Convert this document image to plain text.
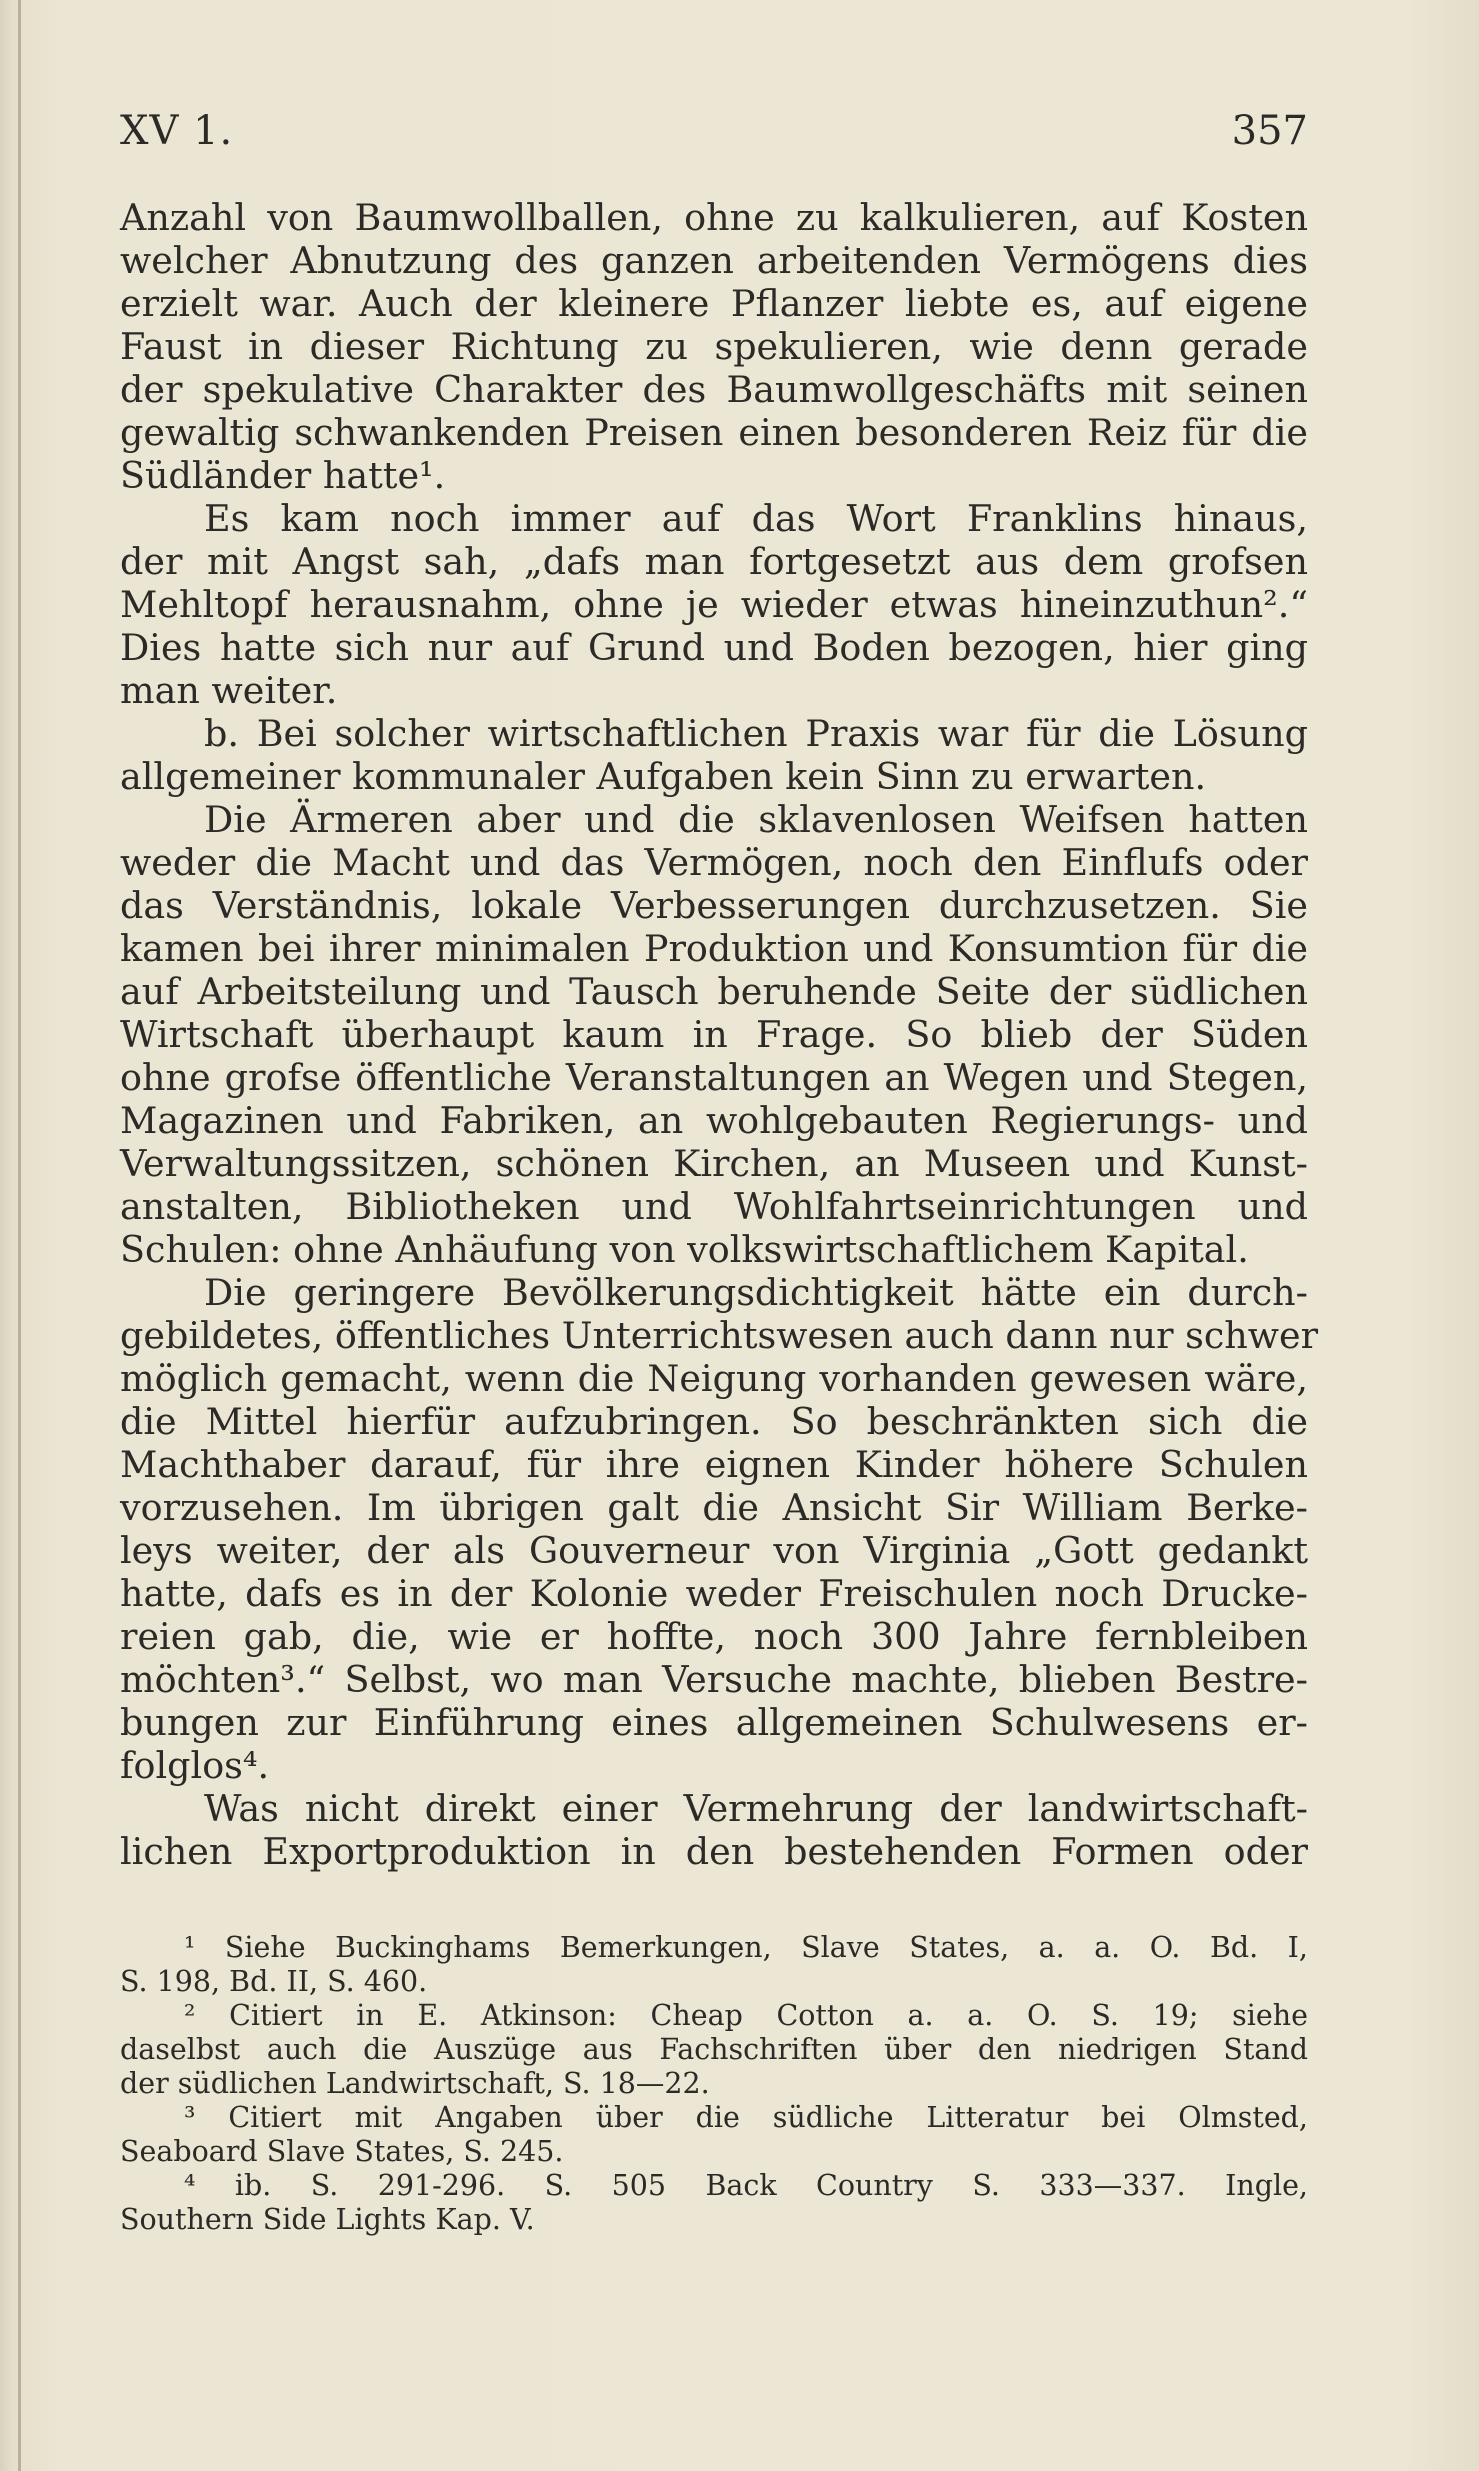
XV 1.	357
Anzahl von Baumwollballen, ohne zu kalkulieren, auf Kosten
welcher Abnutzung des ganzen arbeitenden Vermögens dies
erzielt war. Auch der kleinere Pflanzer liebte es, auf eigene
Faust in dieser Richtung zu spekulieren, wie denn gerade
der spekulative Charakter des Baumwollgeschäfts mit seinen
gewaltig schwankenden Preisen einen besonderen Reiz für die
Südländer hatte¹.
Es kam noch immer auf das Wort Franklins hinaus,
der mit Angst sah, „dafs man fortgesetzt aus dem grofsen
Mehltopf herausnahm, ohne je wieder etwas hineinzuthun².“
Dies hatte sich nur auf Grund und Boden bezogen, hier ging
man weiter.
b. Bei solcher wirtschaftlichen Praxis war für die Lösung
allgemeiner kommunaler Aufgaben kein Sinn zu erwarten.
Die Ärmeren aber und die sklavenlosen Weifsen hatten
weder die Macht und das Vermögen, noch den Einflufs oder
das Verständnis, lokale Verbesserungen durchzusetzen. Sie
kamen bei ihrer minimalen Produktion und Konsumtion für die
auf Arbeitsteilung und Tausch beruhende Seite der südlichen
Wirtschaft überhaupt kaum in Frage. So blieb der Süden
ohne grofse öffentliche Veranstaltungen an Wegen und Stegen,
Magazinen und Fabriken, an wohlgebauten Regierungs- und
Verwaltungssitzen, schönen Kirchen, an Museen und Kunst-
anstalten, Bibliotheken und Wohlfahrtseinrichtungen und
Schulen: ohne Anhäufung von volkswirtschaftlichem Kapital.
Die geringere Bevölkerungsdichtigkeit hätte ein durch-
gebildetes, öffentliches Unterrichtswesen auch dann nur schwer
möglich gemacht, wenn die Neigung vorhanden gewesen wäre,
die Mittel hierfür aufzubringen. So beschränkten sich die
Machthaber darauf, für ihre eignen Kinder höhere Schulen
vorzusehen. Im übrigen galt die Ansicht Sir William Berke-
leys weiter, der als Gouverneur von Virginia „Gott gedankt
hatte, dafs es in der Kolonie weder Freischulen noch Drucke-
reien gab, die, wie er hoffte, noch 300 Jahre fernbleiben
möchten³.“ Selbst, wo man Versuche machte, blieben Bestre-
bungen zur Einführung eines allgemeinen Schulwesens er-
folglos⁴.
Was nicht direkt einer Vermehrung der landwirtschaft-
lichen Exportproduktion in den bestehenden Formen oder
¹ Siehe Buckinghams Bemerkungen, Slave States, a. a. O. Bd. I,
S. 198, Bd. II, S. 460.
² Citiert in E. Atkinson: Cheap Cotton a. a. O. S. 19; siehe
daselbst auch die Auszüge aus Fachschriften über den niedrigen Stand
der südlichen Landwirtschaft, S. 18—22.
³ Citiert mit Angaben über die südliche Litteratur bei Olmsted,
Seaboard Slave States, S. 245.
⁴ ib. S. 291‑296. S. 505 Back Country S. 333—337. Ingle,
Southern Side Lights Kap. V.
